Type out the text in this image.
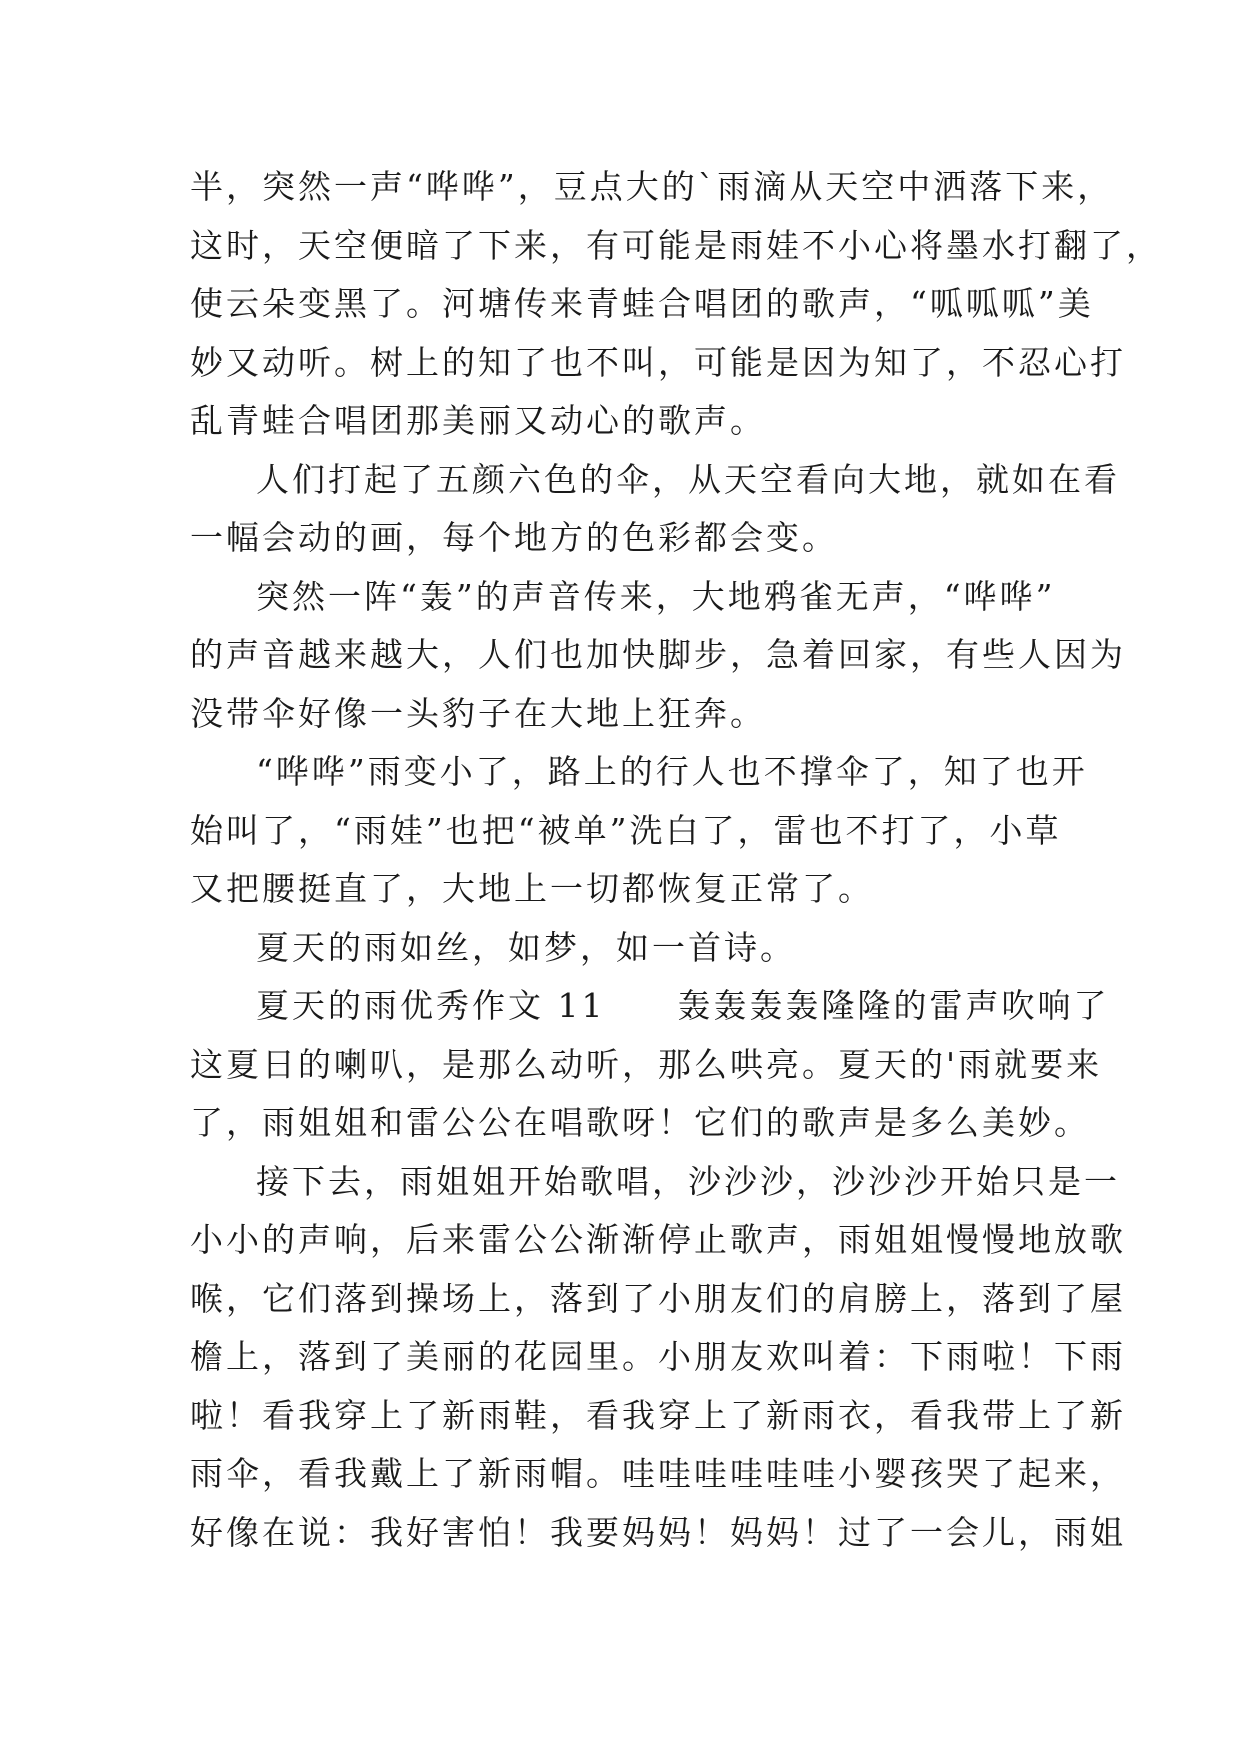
半，突然一声“哗哗”，豆点大的`雨滴从天空中洒落下来，
这时，天空便暗了下来，有可能是雨娃不小心将墨水打翻了，
使云朵变黑了。河塘传来青蛙合唱团的歌声，“呱呱呱”美
妙又动听。树上的知了也不叫，可能是因为知了，不忍心打
乱青蛙合唱团那美丽又动心的歌声。
人们打起了五颜六色的伞，从天空看向大地，就如在看
一幅会动的画，每个地方的色彩都会变。
突然一阵“轰”的声音传来，大地鸦雀无声，“哗哗”
的声音越来越大，人们也加快脚步，急着回家，有些人因为
没带伞好像一头豹子在大地上狂奔。
“哗哗”雨变小了，路上的行人也不撑伞了，知了也开
始叫了，“雨娃”也把“被单”洗白了，雷也不打了，小草
又把腰挺直了，大地上一切都恢复正常了。
夏天的雨如丝，如梦，如一首诗。
夏天的雨优秀作文 11　　轰轰轰轰隆隆的雷声吹响了
这夏日的喇叭，是那么动听，那么哄亮。夏天的'雨就要来
了，雨姐姐和雷公公在唱歌呀！它们的歌声是多么美妙。
接下去，雨姐姐开始歌唱，沙沙沙，沙沙沙开始只是一
小小的声响，后来雷公公渐渐停止歌声，雨姐姐慢慢地放歌
喉，它们落到操场上，落到了小朋友们的肩膀上，落到了屋
檐上，落到了美丽的花园里。小朋友欢叫着：下雨啦！下雨
啦！看我穿上了新雨鞋，看我穿上了新雨衣，看我带上了新
雨伞，看我戴上了新雨帽。哇哇哇哇哇哇小婴孩哭了起来，
好像在说：我好害怕！我要妈妈！妈妈！过了一会儿，雨姐
